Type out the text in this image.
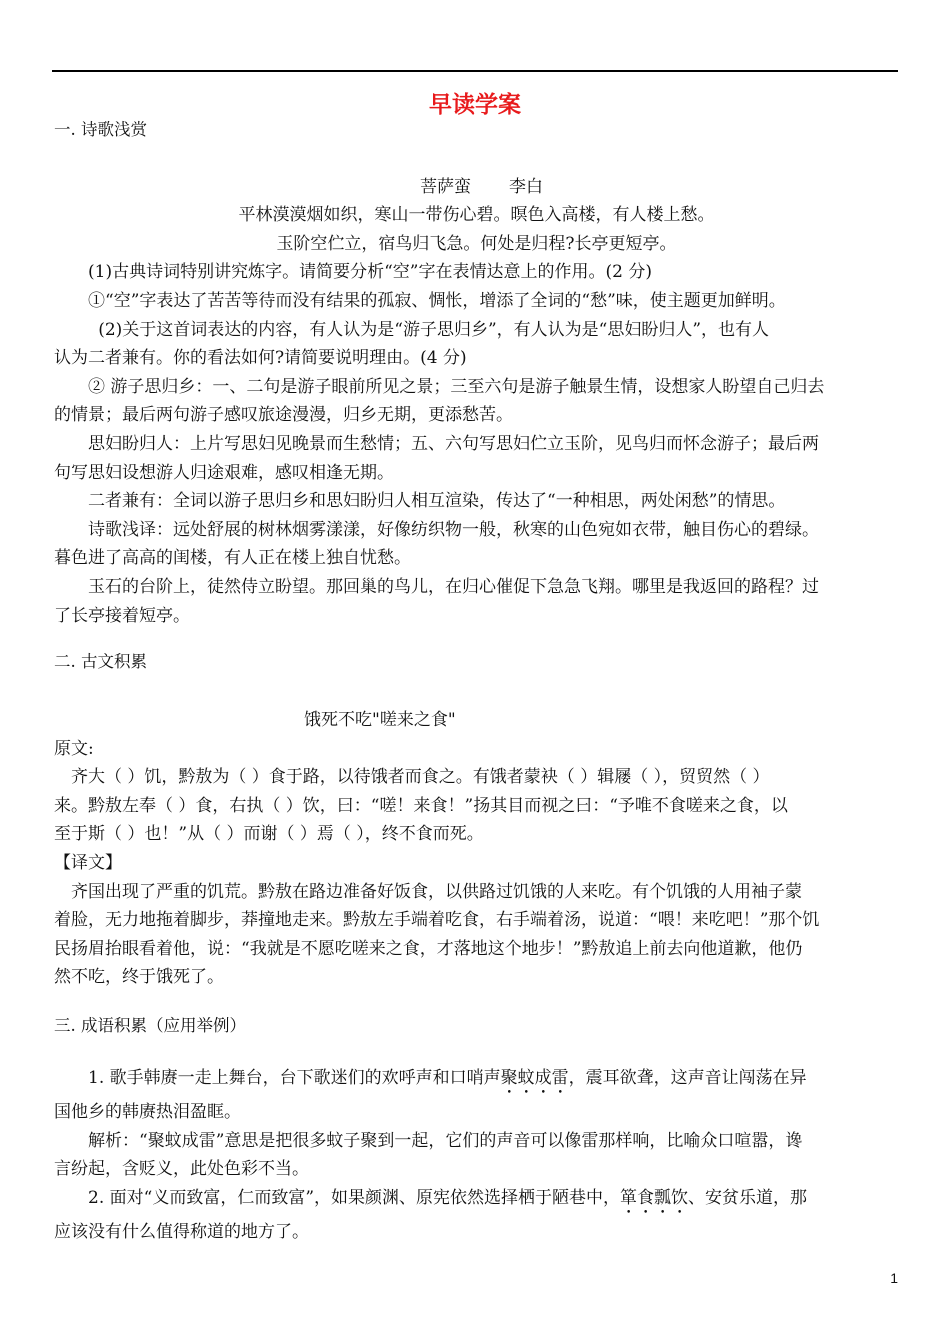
早读学案
一. 诗歌浅赏
菩萨蛮 李白
平林漠漠烟如织，寒山一带伤心碧。暝色入高楼，有人楼上愁。
玉阶空伫立，宿鸟归飞急。何处是归程?长亭更短亭。
(1)古典诗词特别讲究炼字。请简要分析“空”字在表情达意上的作用。(2 分)
①“空”字表达了苦苦等待而没有结果的孤寂、惆怅，增添了全词的“愁”味，使主题更加鲜明。
(2)关于这首词表达的内容，有人认为是“游子思归乡”，有人认为是“思妇盼归人”，也有人
认为二者兼有。你的看法如何?请简要说明理由。(4 分)
② 游子思归乡：一、二句是游子眼前所见之景；三至六句是游子触景生情，设想家人盼望自己归去
的情景；最后两句游子感叹旅途漫漫，归乡无期，更添愁苦。
思妇盼归人：上片写思妇见晚景而生愁情；五、六句写思妇伫立玉阶，见鸟归而怀念游子；最后两
句写思妇设想游人归途艰难，感叹相逢无期。
二者兼有：全词以游子思归乡和思妇盼归人相互渲染，传达了“一种相思，两处闲愁”的情思。
诗歌浅译：远处舒展的树林烟雾漾漾，好像纺织物一般，秋寒的山色宛如衣带，触目伤心的碧绿。
暮色进了高高的闺楼，有人正在楼上独自忧愁。
玉石的台阶上，徒然侍立盼望。那回巢的鸟儿，在归心催促下急急飞翔。哪里是我返回的路程？过
了长亭接着短亭。
二. 古文积累
饿死不吃"嗟来之食"
原文:
齐大（ ）饥，黔敖为（ ）食于路，以待饿者而食之。有饿者蒙袂（ ）辑屦（ ），贸贸然（ ）
来。黔敖左奉（ ）食，右执（ ）饮，曰：“嗟！来食！”扬其目而视之曰：“予唯不食嗟来之食，以
至于斯（ ）也！”从（ ）而谢（ ）焉（ ），终不食而死。
【译文】
齐国出现了严重的饥荒。黔敖在路边准备好饭食，以供路过饥饿的人来吃。有个饥饿的人用袖子蒙
着脸，无力地拖着脚步，莽撞地走来。黔敖左手端着吃食，右手端着汤，说道：“喂！来吃吧！”那个饥
民扬眉抬眼看着他，说：“我就是不愿吃嗟来之食，才落地这个地步！”黔敖追上前去向他道歉，他仍
然不吃，终于饿死了。
三. 成语积累（应用举例）
1. 歌手韩赓一走上舞台，台下歌迷们的欢呼声和口哨声聚蚊成雷，震耳欲聋，这声音让闯荡在异
国他乡的韩赓热泪盈眶。
解析：“聚蚊成雷”意思是把很多蚊子聚到一起，它们的声音可以像雷那样响，比喻众口喧嚣，谗
言纷起，含贬义，此处色彩不当。
2. 面对“义而致富，仁而致富”，如果颜渊、原宪依然选择栖于陋巷中，箪食瓢饮、安贫乐道，那
应该没有什么值得称道的地方了。
1
